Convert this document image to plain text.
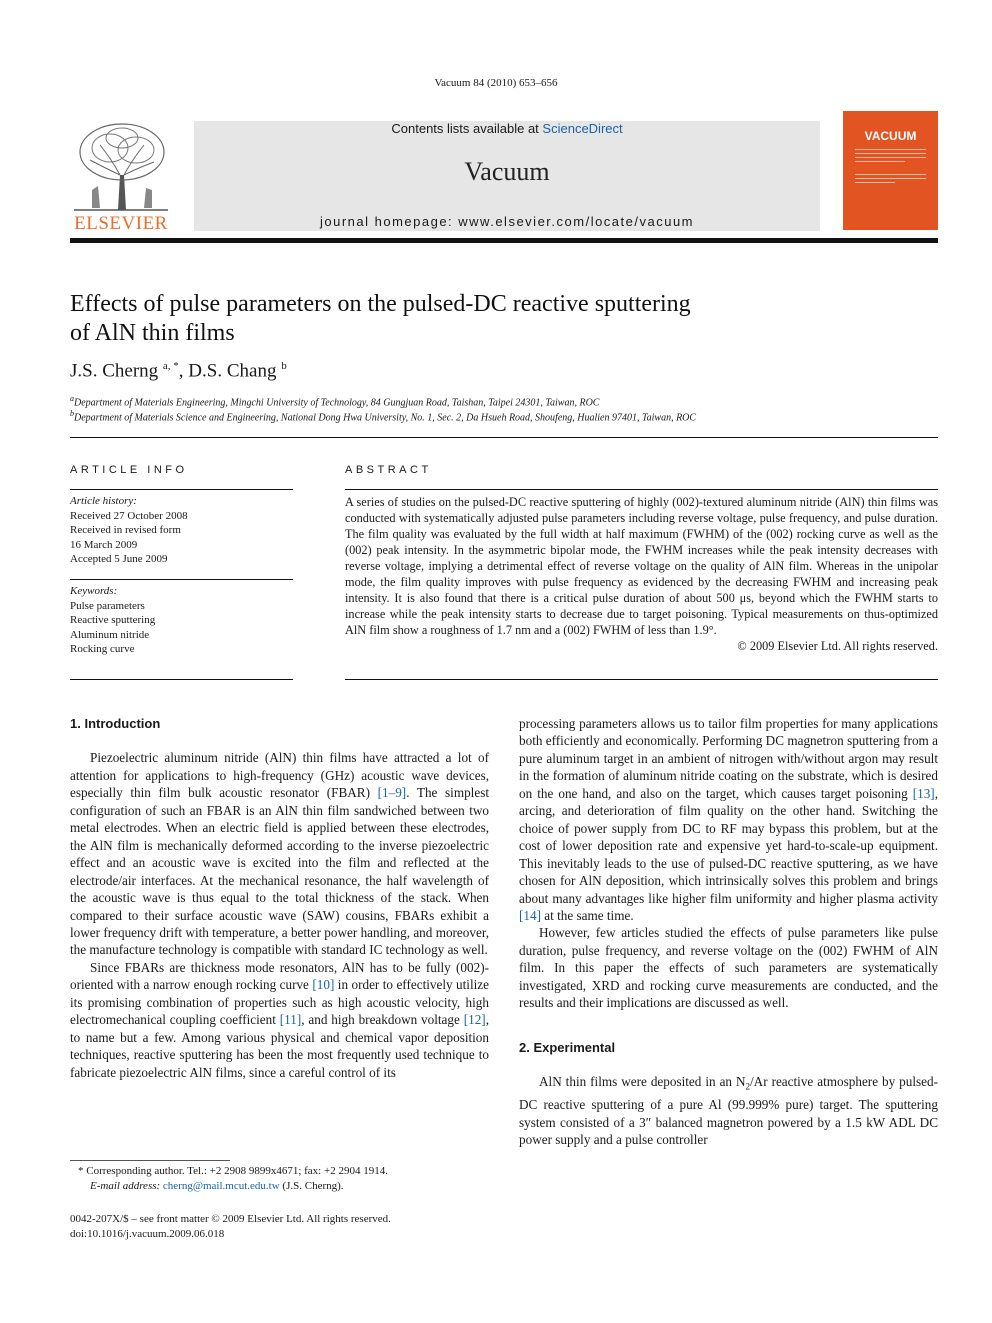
Vacuum 84 (2010) 653–656
ELSEVIER
Contents lists available at ScienceDirect
Vacuum
journal homepage: www.elsevier.com/locate/vacuum
VACUUM
Effects of pulse parameters on the pulsed-DC reactive sputtering
of AlN thin films
J.S. Cherng $^{a, *}$, D.S. Chang $^b$
$^a$Department of Materials Engineering, Mingchi University of Technology, 84 Gungjuan Road, Taishan, Taipei 24301, Taiwan, ROC
$^b$Department of Materials Science and Engineering, National Dong Hwa University, No. 1, Sec. 2, Da Hsueh Road, Shoufeng, Hualien 97401, Taiwan, ROC
ARTICLE INFO
Article history:
Received 27 October 2008
Received in revised form
16 March 2009
Accepted 5 June 2009
Keywords:
Pulse parameters
Reactive sputtering
Aluminum nitride
Rocking curve
ABSTRACT
A series of studies on the pulsed-DC reactive sputtering of highly (002)-textured aluminum nitride (AlN) thin films was conducted with systematically adjusted pulse parameters including reverse voltage, pulse frequency, and pulse duration. The film quality was evaluated by the full width at half maximum (FWHM) of the (002) rocking curve as well as the (002) peak intensity. In the asymmetric bipolar mode, the FWHM increases while the peak intensity decreases with reverse voltage, implying a detrimental effect of reverse voltage on the quality of AlN film. Whereas in the unipolar mode, the film quality improves with pulse frequency as evidenced by the decreasing FWHM and increasing peak intensity. It is also found that there is a critical pulse duration of about 500 μs, beyond which the FWHM starts to increase while the peak intensity starts to decrease due to target poisoning. Typical measurements on thus-optimized AlN film show a roughness of 1.7 nm and a (002) FWHM of less than 1.9°.
© 2009 Elsevier Ltd. All rights reserved.
1. Introduction

Piezoelectric aluminum nitride (AlN) thin films have attracted a lot of attention for applications to high-frequency (GHz) acoustic wave devices, especially thin film bulk acoustic resonator (FBAR) [1–9]. The simplest configuration of such an FBAR is an AlN thin film sandwiched between two metal electrodes. When an electric field is applied between these electrodes, the AlN film is mechanically deformed according to the inverse piezoelectric effect and an acoustic wave is excited into the film and reflected at the electrode/air interfaces. At the mechanical resonance, the half wavelength of the acoustic wave is thus equal to the total thickness of the stack. When compared to their surface acoustic wave (SAW) cousins, FBARs exhibit a lower frequency drift with temperature, a better power handling, and moreover, the manufacture technology is compatible with standard IC technology as well.

Since FBARs are thickness mode resonators, AlN has to be fully (002)-oriented with a narrow enough rocking curve [10] in order to effectively utilize its promising combination of properties such as high acoustic velocity, high electromechanical coupling coefficient [11], and high breakdown voltage [12], to name but a few. Among various physical and chemical vapor deposition techniques, reactive sputtering has been the most frequently used technique to fabricate piezoelectric AlN films, since a careful control of its

processing parameters allows us to tailor film properties for many applications both efficiently and economically. Performing DC magnetron sputtering from a pure aluminum target in an ambient of nitrogen with/without argon may result in the formation of aluminum nitride coating on the substrate, which is desired on the one hand, and also on the target, which causes target poisoning [13], arcing, and deterioration of film quality on the other hand. Switching the choice of power supply from DC to RF may bypass this problem, but at the cost of lower deposition rate and expensive yet hard-to-scale-up equipment. This inevitably leads to the use of pulsed-DC reactive sputtering, as we have chosen for AlN deposition, which intrinsically solves this problem and brings about many advantages like higher film uniformity and higher plasma activity [14] at the same time.

However, few articles studied the effects of pulse parameters like pulse duration, pulse frequency, and reverse voltage on the (002) FWHM of AlN film. In this paper the effects of such parameters are systematically investigated, XRD and rocking curve measurements are conducted, and the results and their implications are discussed as well.

2. Experimental

AlN thin films were deposited in an $N_2/Ar$ reactive atmosphere by pulsed-DC reactive sputtering of a pure Al (99.999% pure) target. The sputtering system consisted of a 3″ balanced magnetron powered by a 1.5 kW ADL DC power supply and a pulse controller

* Corresponding author. Tel.: +2 2908 9899x4671; fax: +2 2904 1914.
E-mail address: cherng@mail.mcut.edu.tw (J.S. Cherng).
0042-207X/$ – see front matter © 2009 Elsevier Ltd. All rights reserved.
doi:10.1016/j.vacuum.2009.06.018
